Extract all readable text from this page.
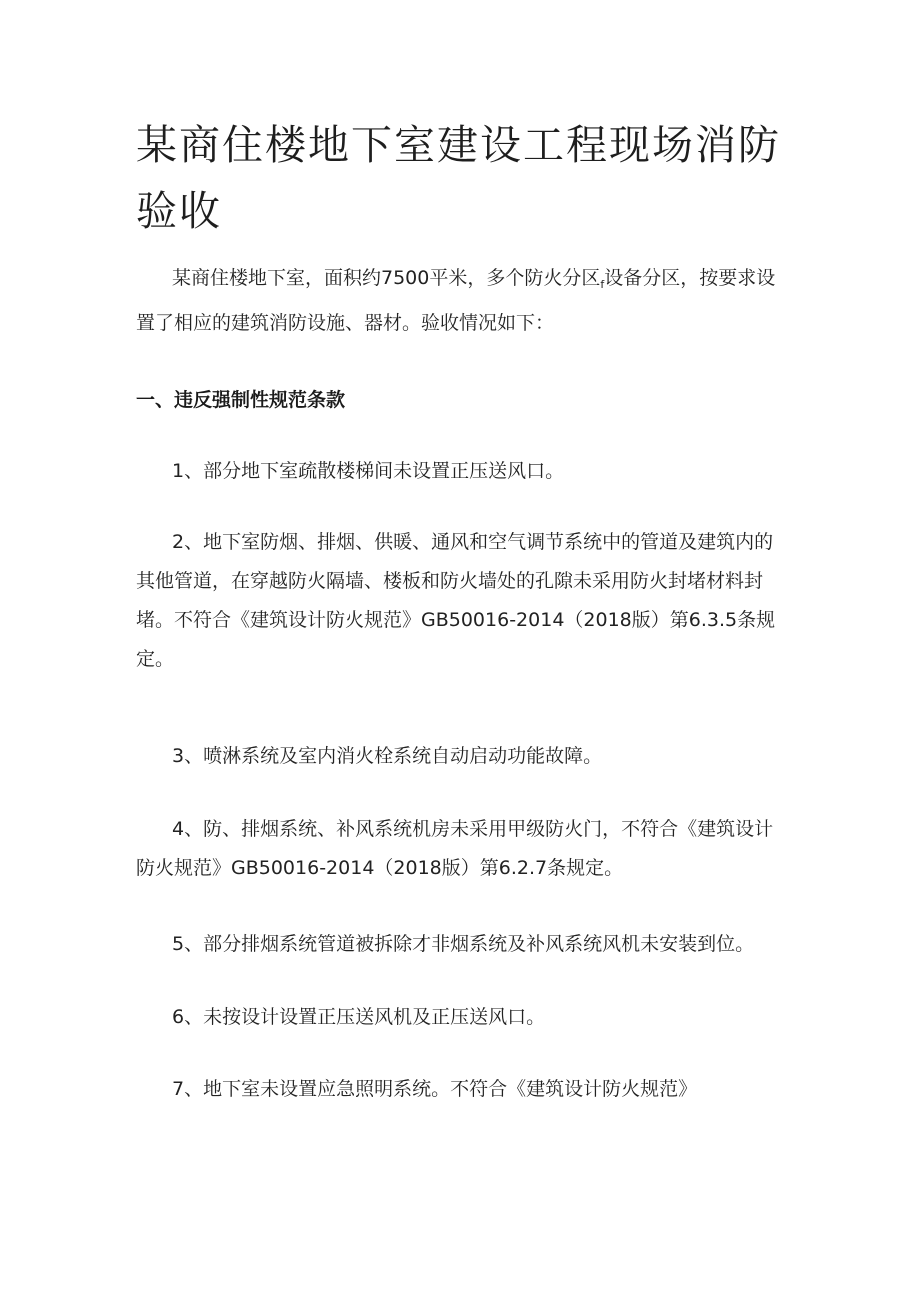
某商住楼地下室建设工程现场消防验收

某商住楼地下室，面积约7500平米，多个防火分区$_f$设备分区，按要求设置了相应的建筑消防设施、器材。验收情况如下：

一、违反强制性规范条款

1、部分地下室疏散楼梯间未设置正压送风口。

2、地下室防烟、排烟、供暖、通风和空气调节系统中的管道及建筑内的其他管道，在穿越防火隔墙、楼板和防火墙处的孔隙未采用防火封堵材料封堵。不符合《建筑设计防火规范》GB50016-2014（2018版）第6.3.5条规定。

3、喷淋系统及室内消火栓系统自动启动功能故障。

4、防、排烟系统、补风系统机房未采用甲级防火门，不符合《建筑设计防火规范》GB50016-2014（2018版）第6.2.7条规定。

5、部分排烟系统管道被拆除才非烟系统及补风系统风机未安装到位。

6、未按设计设置正压送风机及正压送风口。

7、地下室未设置应急照明系统。不符合《建筑设计防火规范》
